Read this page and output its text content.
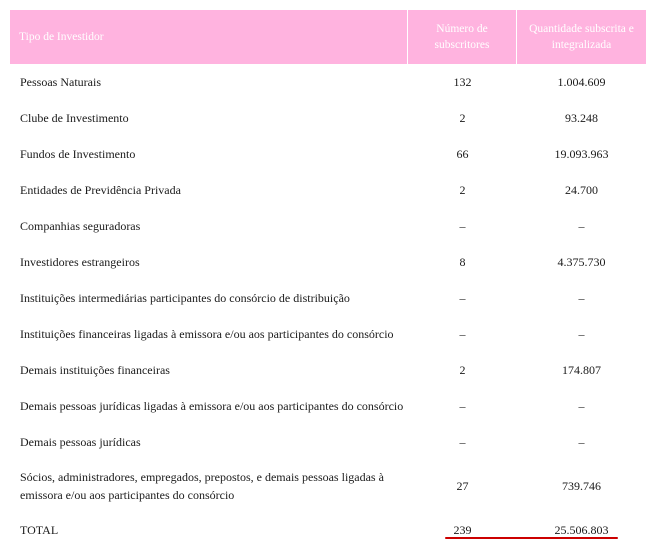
Tipo de Investidor	Número de subscritores	Quantidade subscrita e integralizada
Pessoas Naturais	132	1.004.609
Clube de Investimento	2	93.248
Fundos de Investimento	66	19.093.963
Entidades de Previdência Privada	2	24.700
Companhias seguradoras	–	–
Investidores estrangeiros	8	4.375.730
Instituições intermediárias participantes do consórcio de distribuição	–	–
Instituições financeiras ligadas à emissora e/ou aos participantes do consórcio	–	–
Demais instituições financeiras	2	174.807
Demais pessoas jurídicas ligadas à emissora e/ou aos participantes do consórcio	–	–
Demais pessoas jurídicas	–	–
Sócios, administradores, empregados, prepostos, e demais pessoas ligadas à emissora e/ou aos participantes do consórcio	27	739.746
TOTAL	239	25.506.803
